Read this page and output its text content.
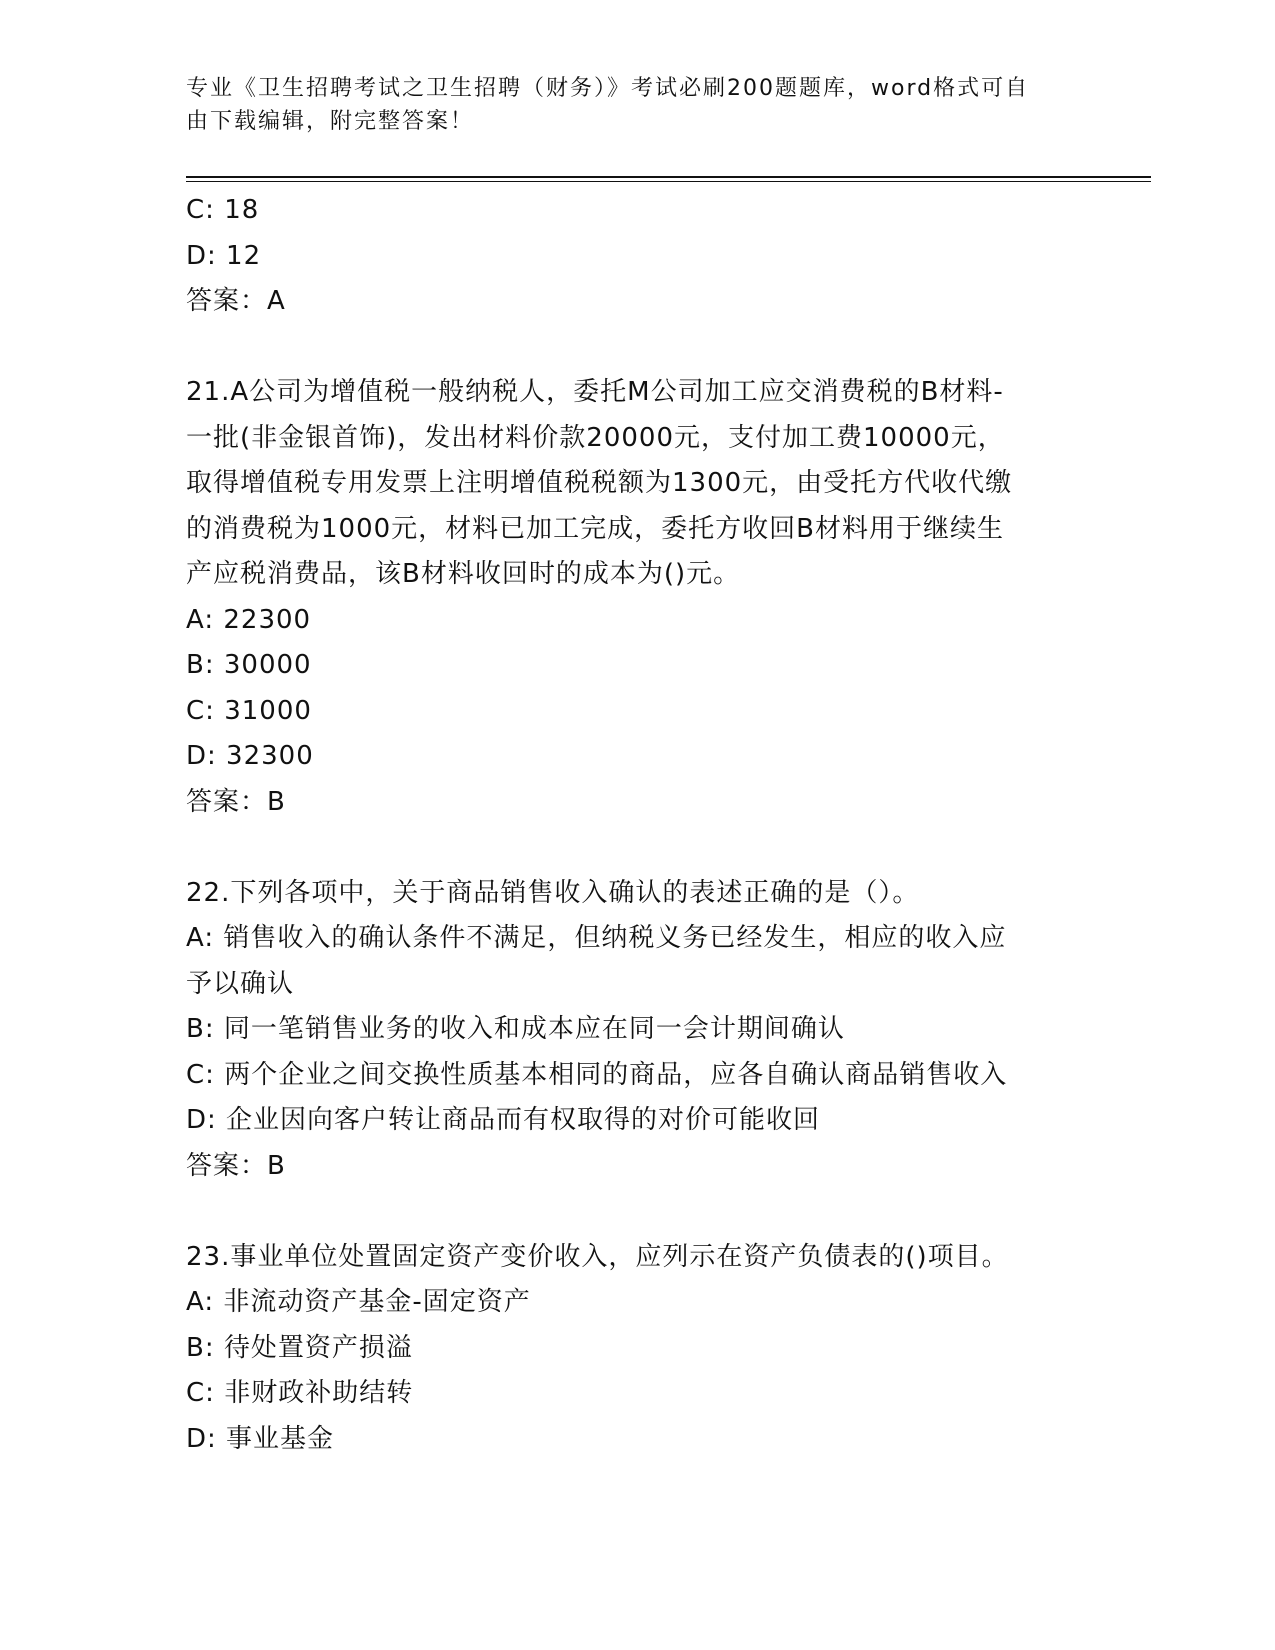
专业《卫生招聘考试之卫生招聘（财务）》考试必刷200题题库，word格式可自
由下载编辑，附完整答案！
C: 18
D: 12
答案：A
21.A公司为增值税一般纳税人，委托M公司加工应交消费税的B材料-
一批(非金银首饰)，发出材料价款20000元，支付加工费10000元，
取得增值税专用发票上注明增值税税额为1300元，由受托方代收代缴
的消费税为1000元，材料已加工完成，委托方收回B材料用于继续生
产应税消费品，该B材料收回时的成本为()元。
A: 22300
B: 30000
C: 31000
D: 32300
答案：B
22.下列各项中，关于商品销售收入确认的表述正确的是（）。
A: 销售收入的确认条件不满足，但纳税义务已经发生，相应的收入应
予以确认
B: 同一笔销售业务的收入和成本应在同一会计期间确认
C: 两个企业之间交换性质基本相同的商品，应各自确认商品销售收入
D: 企业因向客户转让商品而有权取得的对价可能收回
答案：B
23.事业单位处置固定资产变价收入，应列示在资产负债表的()项目。
A: 非流动资产基金-固定资产
B: 待处置资产损溢
C: 非财政补助结转
D: 事业基金
